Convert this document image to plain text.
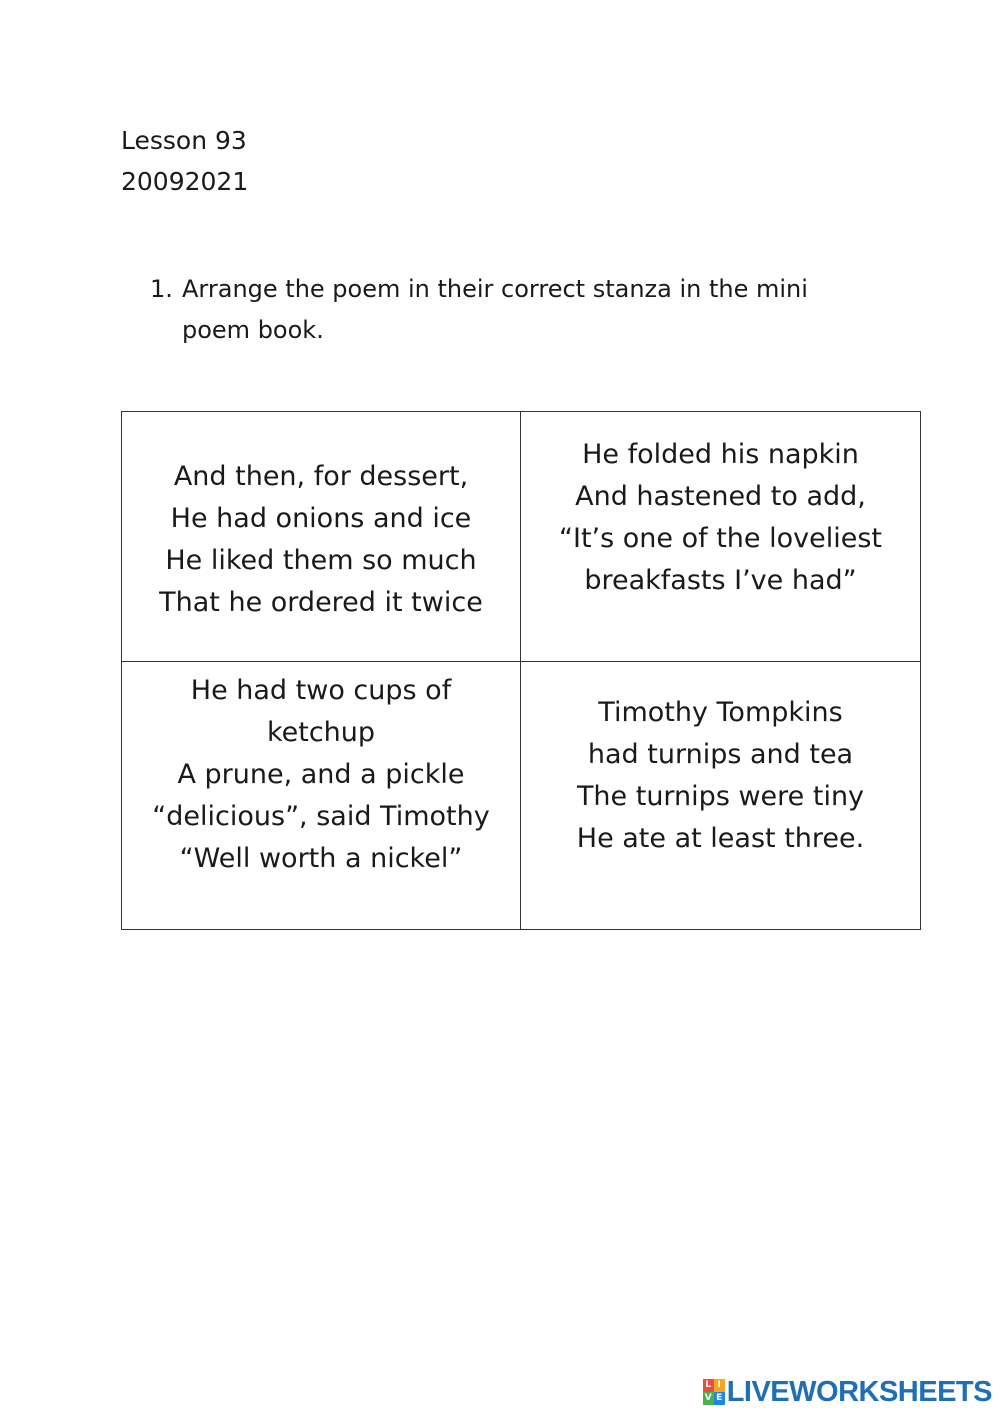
Lesson 93
20092021
1. Arrange the poem in their correct stanza in the mini poem book.
And then, for dessert,
He had onions and ice
He liked them so much
That he ordered it twice
He folded his napkin
And hastened to add,
“It’s one of the loveliest
breakfasts I’ve had”
He had two cups of
ketchup
A prune, and a pickle
“delicious”, said Timothy
“Well worth a nickel”
Timothy Tompkins
had turnips and tea
The turnips were tiny
He ate at least three.
L I
V E LIVEWORKSHEETS
